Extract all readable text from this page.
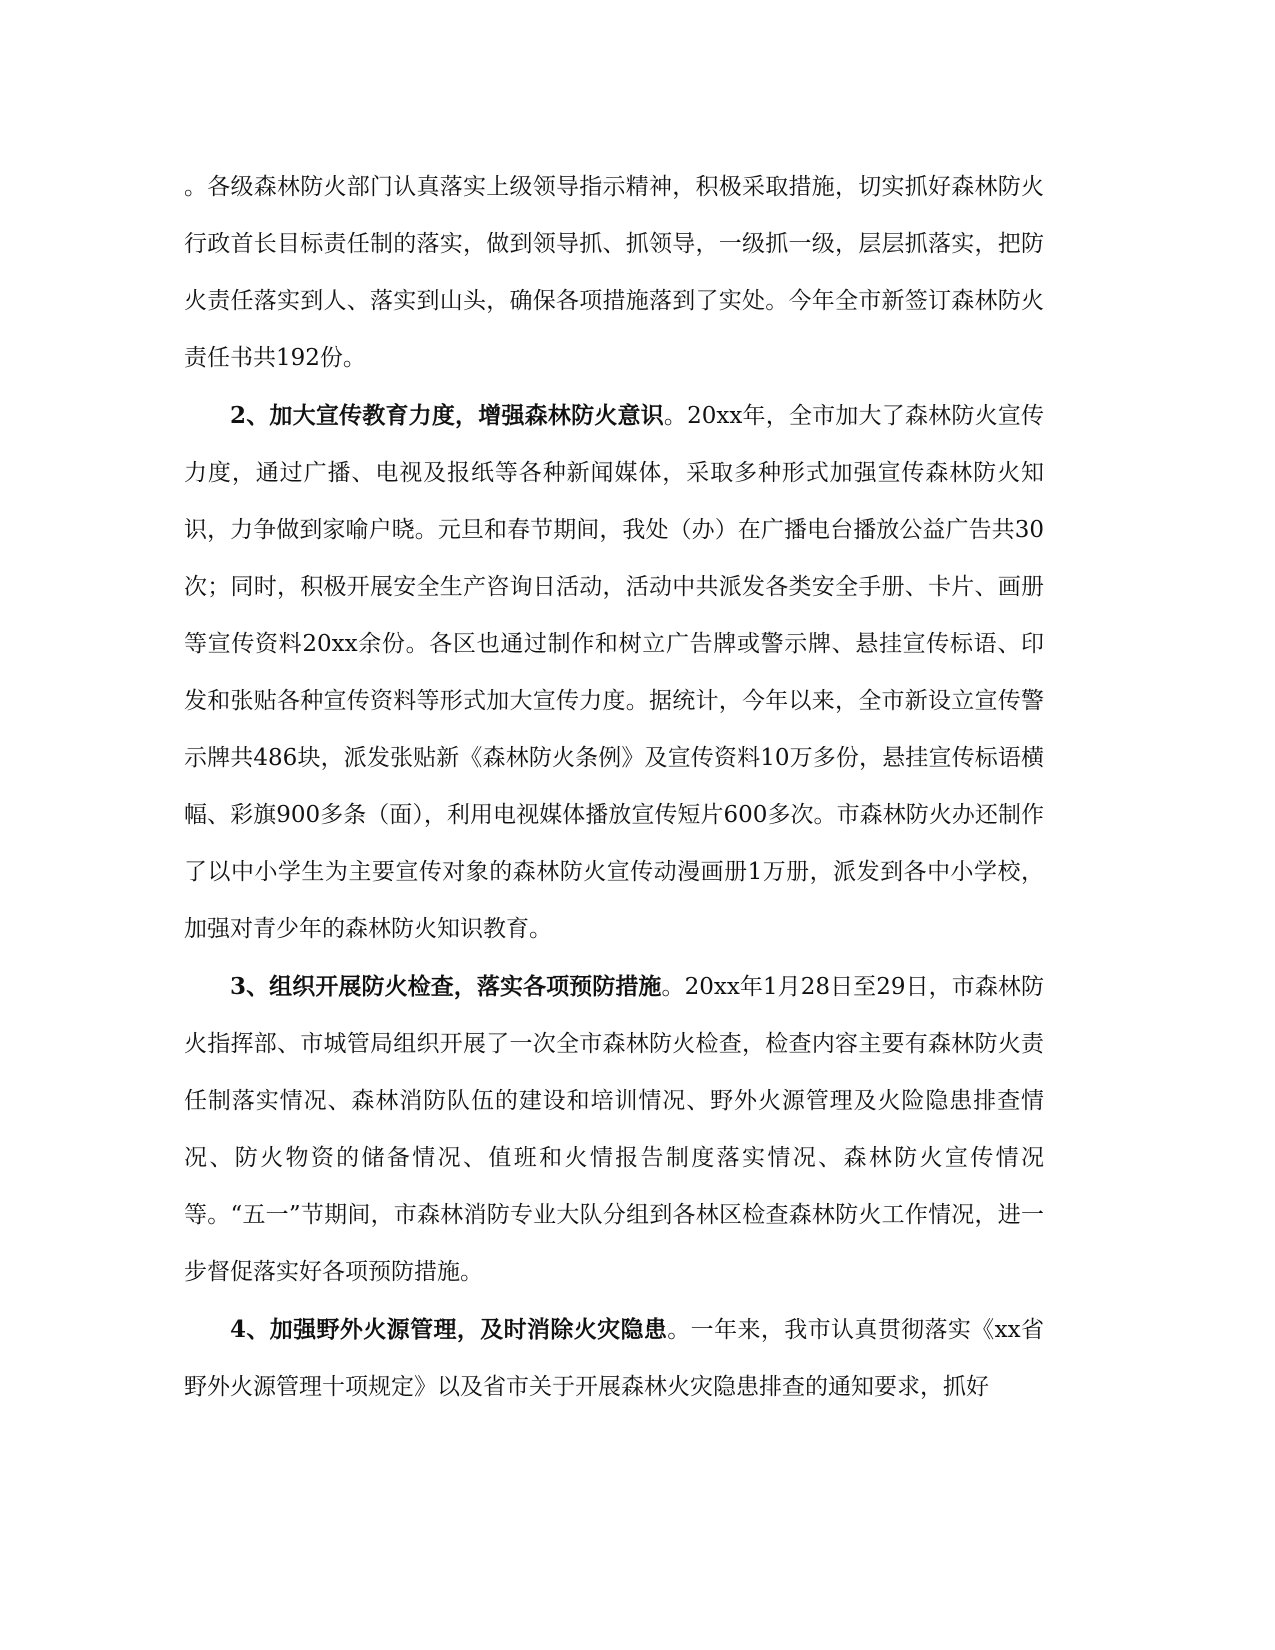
。各级森林防火部门认真落实上级领导指示精神，积极采取措施，切实抓好森林防火行政首长目标责任制的落实，做到领导抓、抓领导，一级抓一级，层层抓落实，把防火责任落实到人、落实到山头，确保各项措施落到了实处。今年全市新签订森林防火责任书共192份。

2、加大宣传教育力度，增强森林防火意识。20xx年，全市加大了森林防火宣传力度，通过广播、电视及报纸等各种新闻媒体，采取多种形式加强宣传森林防火知识，力争做到家喻户晓。元旦和春节期间，我处（办）在广播电台播放公益广告共30次；同时，积极开展安全生产咨询日活动，活动中共派发各类安全手册、卡片、画册等宣传资料20xx余份。各区也通过制作和树立广告牌或警示牌、悬挂宣传标语、印发和张贴各种宣传资料等形式加大宣传力度。据统计，今年以来，全市新设立宣传警示牌共486块，派发张贴新《森林防火条例》及宣传资料10万多份，悬挂宣传标语横幅、彩旗900多条（面），利用电视媒体播放宣传短片600多次。市森林防火办还制作了以中小学生为主要宣传对象的森林防火宣传动漫画册1万册，派发到各中小学校，加强对青少年的森林防火知识教育。

3、组织开展防火检查，落实各项预防措施。20xx年1月28日至29日，市森林防火指挥部、市城管局组织开展了一次全市森林防火检查，检查内容主要有森林防火责任制落实情况、森林消防队伍的建设和培训情况、野外火源管理及火险隐患排查情况、防火物资的储备情况、值班和火情报告制度落实情况、森林防火宣传情况等。“五一”节期间，市森林消防专业大队分组到各林区检查森林防火工作情况，进一步督促落实好各项预防措施。

4、加强野外火源管理，及时消除火灾隐患。一年来，我市认真贯彻落实《xx省野外火源管理十项规定》以及省市关于开展森林火灾隐患排查的通知要求，抓好
